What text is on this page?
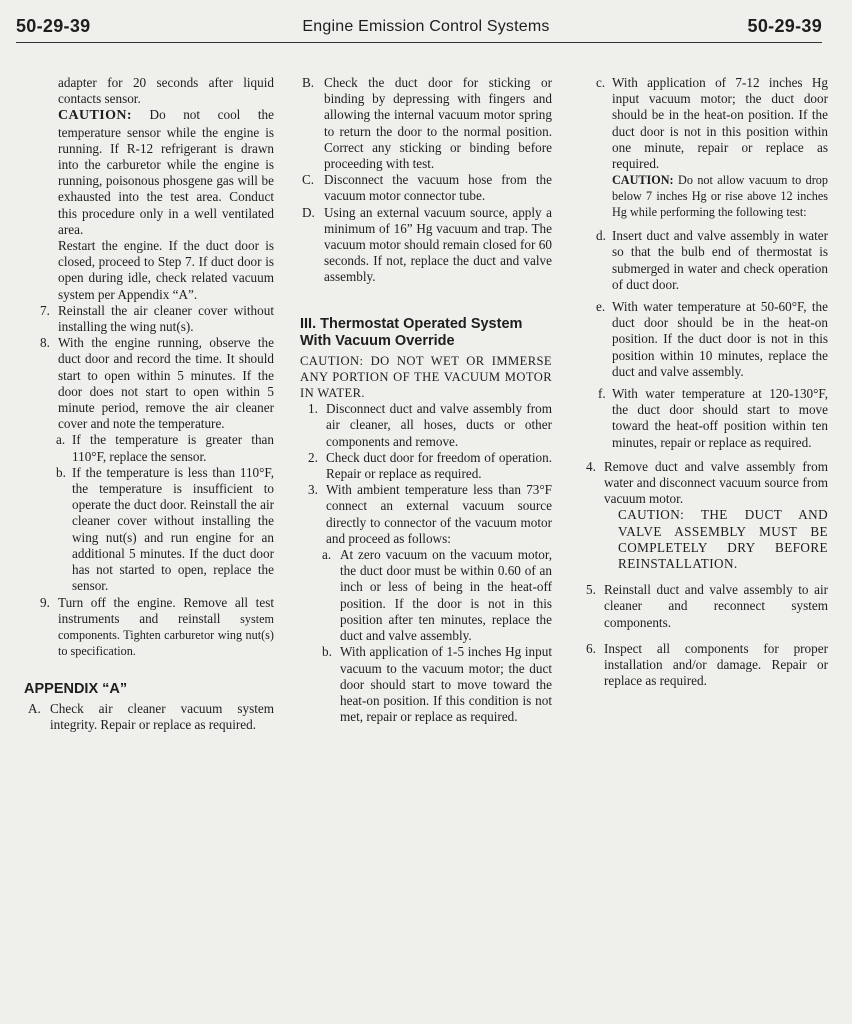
50-29-39	Engine Emission Control Systems	50-29-39

adapter for 20 seconds after liquid contacts sensor.

CAUTION: Do not cool the temperature sensor while the engine is running. If R-12 refrigerant is drawn into the carburetor while the engine is running, poisonous phosgene gas will be exhausted into the test area. Conduct this procedure only in a well ventilated area.

Restart the engine. If the duct door is closed, proceed to Step 7. If duct door is open during idle, check related vacuum system per Appendix “A”.

7. Reinstall the air cleaner cover without installing the wing nut(s).
8. With the engine running, observe the duct door and record the time. It should start to open within 5 minutes. If the door does not start to open within 5 minute period, remove the air cleaner cover and note the temperature.
a. If the temperature is greater than 110°F, replace the sensor.
b. If the temperature is less than 110°F, the temperature is insufficient to operate the duct door. Reinstall the air cleaner cover without installing the wing nut(s) and run engine for an additional 5 minutes. If the duct door has not started to open, replace the sensor.
9. Turn off the engine. Remove all test instruments and reinstall system components. Tighten carburetor wing nut(s) to specification.

APPENDIX “A”

A. Check air cleaner vacuum system integrity. Repair or replace as required.
B. Check the duct door for sticking or binding by depressing with fingers and allowing the internal vacuum motor spring to return the door to the normal position. Correct any sticking or binding before proceeding with test.
C. Disconnect the vacuum hose from the vacuum motor connector tube.
D. Using an external vacuum source, apply a minimum of 16” Hg vacuum and trap. The vacuum motor should remain closed for 60 seconds. If not, replace the duct and valve assembly.

III. Thermostat Operated System With Vacuum Override

CAUTION: DO NOT WET OR IMMERSE ANY PORTION OF THE VACUUM MOTOR IN WATER.

1. Disconnect duct and valve assembly from air cleaner, all hoses, ducts or other components and remove.
2. Check duct door for freedom of operation. Repair or replace as required.
3. With ambient temperature less than 73°F connect an external vacuum source directly to connector of the vacuum motor and proceed as follows:
a. At zero vacuum on the vacuum motor, the duct door must be within 0.60 of an inch or less of being in the heat-off position. If the door is not in this position after ten minutes, replace the duct and valve assembly.
b. With application of 1-5 inches Hg input vacuum to the vacuum motor; the duct door should start to move toward the heat-on position. If this condition is not met, repair or replace as required.
c. With application of 7-12 inches Hg input vacuum motor; the duct door should be in the heat-on position. If the duct door is not in this position within one minute, repair or replace as required.

CAUTION: Do not allow vacuum to drop below 7 inches Hg or rise above 12 inches Hg while performing the following test:

d. Insert duct and valve assembly in water so that the bulb end of thermostat is submerged in water and check operation of duct door.
e. With water temperature at 50-60°F, the duct door should be in the heat-on position. If the duct door is not in this position within 10 minutes, replace the duct and valve assembly.
f. With water temperature at 120-130°F, the duct door should start to move toward the heat-off position within ten minutes, repair or replace as required.
4. Remove duct and valve assembly from water and disconnect vacuum source from vacuum motor.

CAUTION: THE DUCT AND VALVE ASSEMBLY MUST BE COMPLETELY DRY BEFORE REINSTALLATION.

5. Reinstall duct and valve assembly to air cleaner and reconnect system components.
6. Inspect all components for proper installation and/or damage. Repair or replace as required.
